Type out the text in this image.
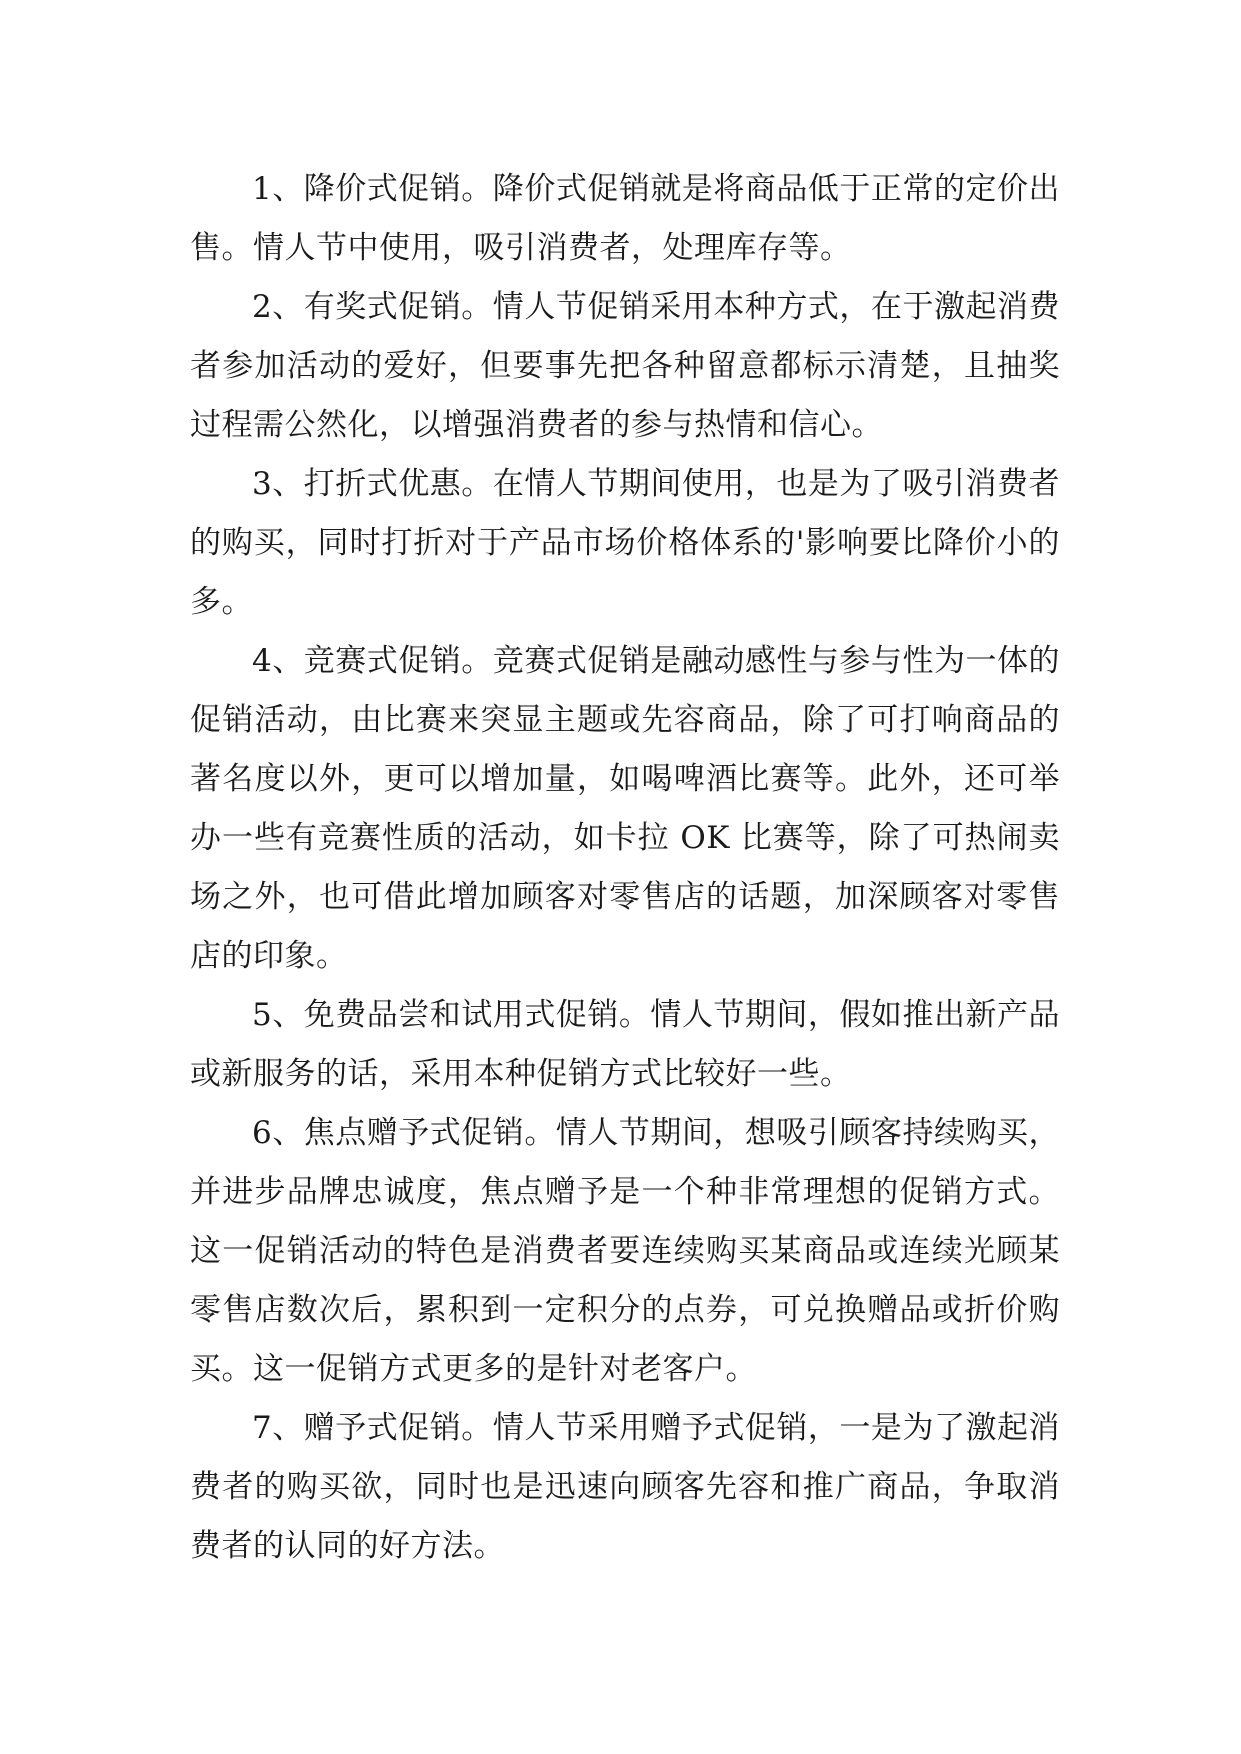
1、降价式促销。降价式促销就是将商品低于正常的定价出售。情人节中使用，吸引消费者，处理库存等。

2、有奖式促销。情人节促销采用本种方式，在于激起消费者参加活动的爱好，但要事先把各种留意都标示清楚，且抽奖过程需公然化，以增强消费者的参与热情和信心。

3、打折式优惠。在情人节期间使用，也是为了吸引消费者的购买，同时打折对于产品市场价格体系的'影响要比降价小的多。

4、竞赛式促销。竞赛式促销是融动感性与参与性为一体的促销活动，由比赛来突显主题或先容商品，除了可打响商品的著名度以外，更可以增加量，如喝啤酒比赛等。此外，还可举办一些有竞赛性质的活动，如卡拉 OK 比赛等，除了可热闹卖场之外，也可借此增加顾客对零售店的话题，加深顾客对零售店的印象。

5、免费品尝和试用式促销。情人节期间，假如推出新产品或新服务的话，采用本种促销方式比较好一些。

6、焦点赠予式促销。情人节期间，想吸引顾客持续购买，并进步品牌忠诚度，焦点赠予是一个种非常理想的促销方式。这一促销活动的特色是消费者要连续购买某商品或连续光顾某零售店数次后，累积到一定积分的点券，可兑换赠品或折价购买。这一促销方式更多的是针对老客户。

7、赠予式促销。情人节采用赠予式促销，一是为了激起消费者的购买欲，同时也是迅速向顾客先容和推广商品，争取消费者的认同的好方法。
